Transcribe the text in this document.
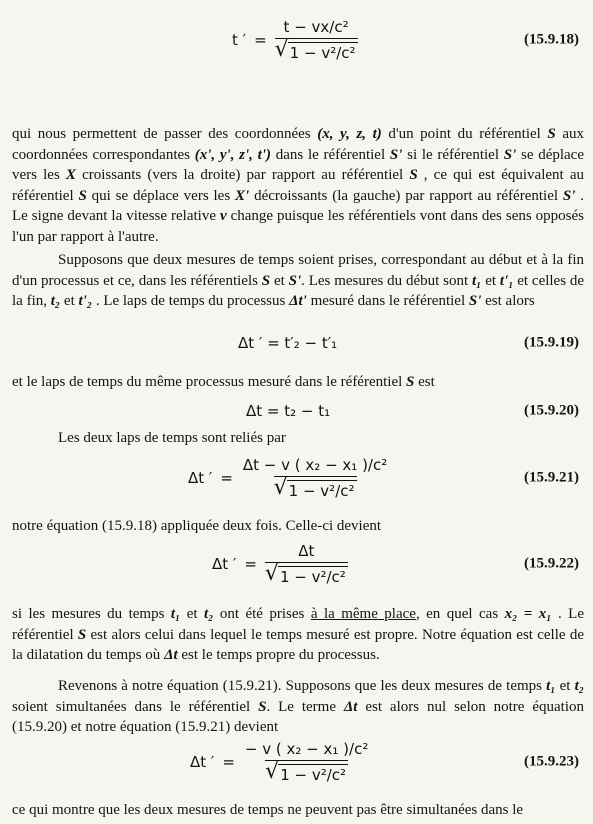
t ′ = $\frac{\text{t − vx/c²}}{\text{√ 1 − v²/c²}}$	(15.9.18)

qui nous permettent de passer des coordonnées (x, y, z, t) d'un point du référentiel S aux coordonnées correspondantes (x', y', z', t') dans le référentiel S' si le référentiel S' se déplace vers les X croissants (vers la droite) par rapport au référentiel S , ce qui est équivalent au référentiel S qui se déplace vers les X' décroissants (la gauche) par rapport au référentiel S' . Le signe devant la vitesse relative v change puisque les référentiels vont dans des sens opposés l'un par rapport à l'autre.

Supposons que deux mesures de temps soient prises, correspondant au début et à la fin d'un processus et ce, dans les référentiels S et S'. Les mesures du début sont t₁ et t'₁ et celles de la fin, t₂ et t'₂ . Le laps de temps du processus Δt' mesuré dans le référentiel S' est alors

Δt ′ = t′₂ − t′₁	(15.9.19)

et le laps de temps du même processus mesuré dans le référentiel S est

Δt = t₂ − t₁	(15.9.20)

Les deux laps de temps sont reliés par

Δt ′ = $\frac{\text{Δt − v ( x₂ − x₁ )/c²}}{\text{√ 1 − v²/c²}}$	(15.9.21)

notre équation (15.9.18) appliquée deux fois. Celle-ci devient

Δt ′ = $\frac{\Delta t}{\text{√ 1 − v²/c²}}$	(15.9.22)

si les mesures du temps t₁ et t₂ ont été prises à la même place, en quel cas x₂ = x₁ . Le référentiel S est alors celui dans lequel le temps mesuré est propre. Notre équation est celle de la dilatation du temps où Δt est le temps propre du processus.

Revenons à notre équation (15.9.21). Supposons que les deux mesures de temps t₁ et t₂ soient simultanées dans le référentiel S. Le terme Δt est alors nul selon notre équation (15.9.20) et notre équation (15.9.21) devient

Δt ′ = $\frac{\text{− v ( x₂ − x₁ )/c²}}{\text{√ 1 − v²/c²}}$	(15.9.23)

ce qui montre que les deux mesures de temps ne peuvent pas être simultanées dans le
